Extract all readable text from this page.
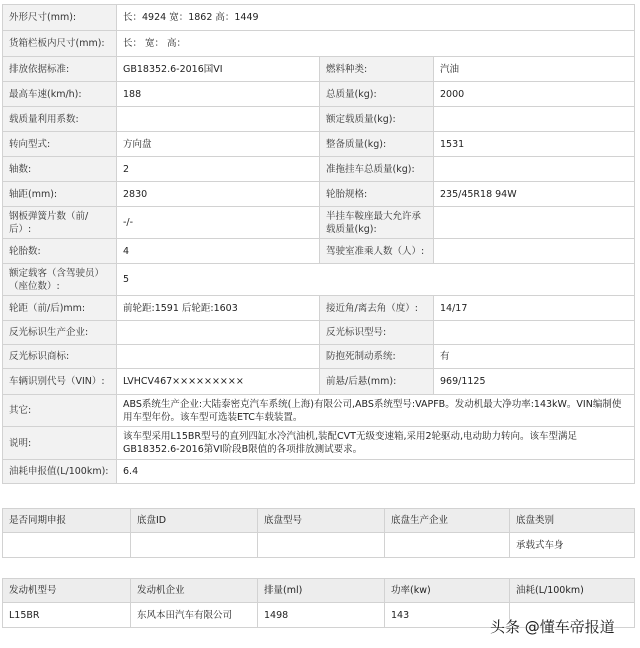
外形尺寸(mm):	长：4924 宽：1862 高：1449		
货箱栏板内尺寸(mm):	长： 宽： 高：		
排放依据标准:	GB18352.6-2016国VI	燃料种类:	汽油
最高车速(km/h):	188	总质量(kg):	2000
载质量利用系数:		额定载质量(kg):	
转向型式:	方向盘	整备质量(kg):	1531
轴数:	2	准拖挂车总质量(kg):	
轴距(mm):	2830	轮胎规格:	235/45R18 94W
钢板弹簧片数（前/后）:	-/-	半挂车鞍座最大允许承载质量(kg):	
轮胎数:	4	驾驶室准乘人数（人）:	
额定载客（含驾驶员）（座位数）:	5		
轮距（前/后)mm:	前轮距:1591 后轮距:1603	接近角/离去角（度）:	14/17
反光标识生产企业:		反光标识型号:	
反光标识商标:		防抱死制动系统:	有
车辆识别代号（VIN）:	LVHCV467×××××××××	前悬/后悬(mm):	969/1125
其它:	ABS系统生产企业:大陆泰密克汽车系统(上海)有限公司,ABS系统型号:VAPFB。发动机最大净功率:143kW。VIN编制使用车型年份。该车型可选装ETC车载装置。		
说明:	该车型采用L15BR型号的直列四缸水冷汽油机,装配CVT无级变速箱,采用2轮驱动,电动助力转向。该车型满足GB18352.6-2016第VI阶段B限值的各项排放测试要求。		
油耗申报值(L/100km):	6.4		
是否同期申报	底盘ID	底盘型号	底盘生产企业	底盘类别
				承载式车身
发动机型号	发动机企业	排量(ml)	功率(kw)	油耗(L/100km)
L15BR	东风本田汽车有限公司	1498	143	
头条 @懂车帝报道
